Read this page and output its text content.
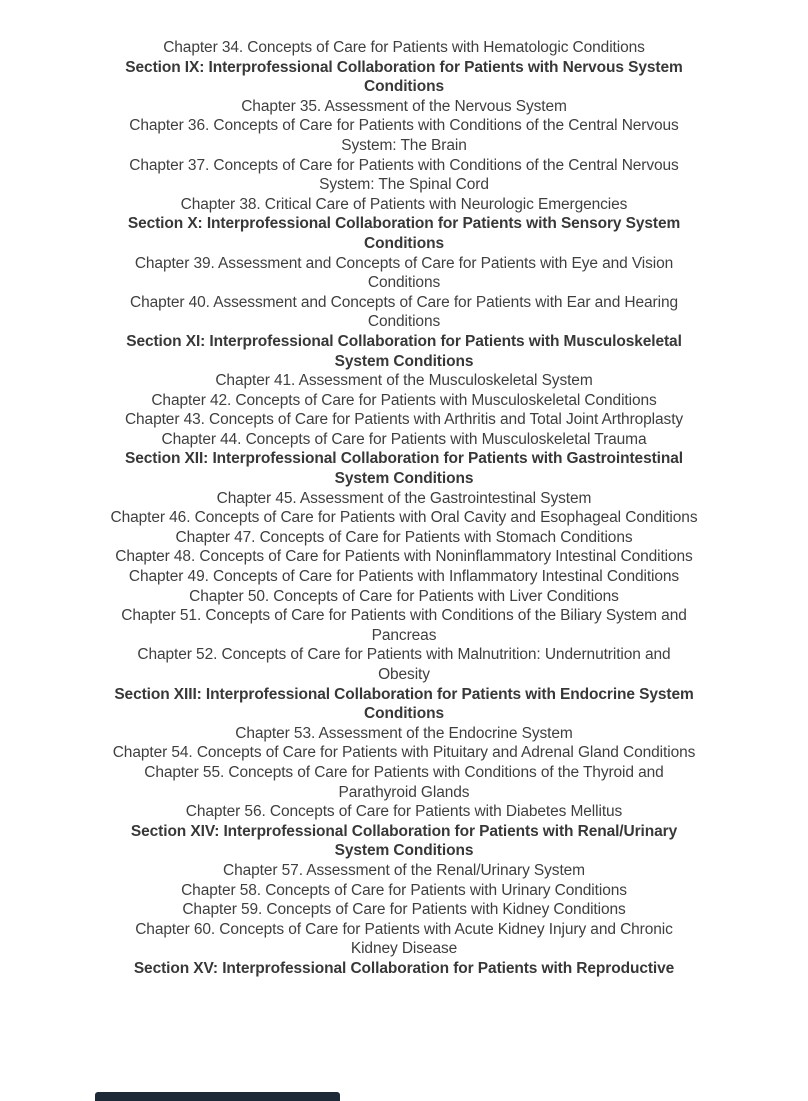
Chapter 34. Concepts of Care for Patients with Hematologic Conditions
Section IX: Interprofessional Collaboration for Patients with Nervous System
Conditions
Chapter 35. Assessment of the Nervous System
Chapter 36. Concepts of Care for Patients with Conditions of the Central Nervous
System: The Brain
Chapter 37. Concepts of Care for Patients with Conditions of the Central Nervous
System: The Spinal Cord
Chapter 38. Critical Care of Patients with Neurologic Emergencies
Section X: Interprofessional Collaboration for Patients with Sensory System
Conditions
Chapter 39. Assessment and Concepts of Care for Patients with Eye and Vision
Conditions
Chapter 40. Assessment and Concepts of Care for Patients with Ear and Hearing
Conditions
Section XI: Interprofessional Collaboration for Patients with Musculoskeletal
System Conditions
Chapter 41. Assessment of the Musculoskeletal System
Chapter 42. Concepts of Care for Patients with Musculoskeletal Conditions
Chapter 43. Concepts of Care for Patients with Arthritis and Total Joint Arthroplasty
Chapter 44. Concepts of Care for Patients with Musculoskeletal Trauma
Section XII: Interprofessional Collaboration for Patients with Gastrointestinal
System Conditions
Chapter 45. Assessment of the Gastrointestinal System
Chapter 46. Concepts of Care for Patients with Oral Cavity and Esophageal Conditions
Chapter 47. Concepts of Care for Patients with Stomach Conditions
Chapter 48. Concepts of Care for Patients with Noninflammatory Intestinal Conditions
Chapter 49. Concepts of Care for Patients with Inflammatory Intestinal Conditions
Chapter 50. Concepts of Care for Patients with Liver Conditions
Chapter 51. Concepts of Care for Patients with Conditions of the Biliary System and
Pancreas
Chapter 52. Concepts of Care for Patients with Malnutrition: Undernutrition and
Obesity
Section XIII: Interprofessional Collaboration for Patients with Endocrine System
Conditions
Chapter 53. Assessment of the Endocrine System
Chapter 54. Concepts of Care for Patients with Pituitary and Adrenal Gland Conditions
Chapter 55. Concepts of Care for Patients with Conditions of the Thyroid and
Parathyroid Glands
Chapter 56. Concepts of Care for Patients with Diabetes Mellitus
Section XIV: Interprofessional Collaboration for Patients with Renal/Urinary
System Conditions
Chapter 57. Assessment of the Renal/Urinary System
Chapter 58. Concepts of Care for Patients with Urinary Conditions
Chapter 59. Concepts of Care for Patients with Kidney Conditions
Chapter 60. Concepts of Care for Patients with Acute Kidney Injury and Chronic
Kidney Disease
Section XV: Interprofessional Collaboration for Patients with Reproductive
